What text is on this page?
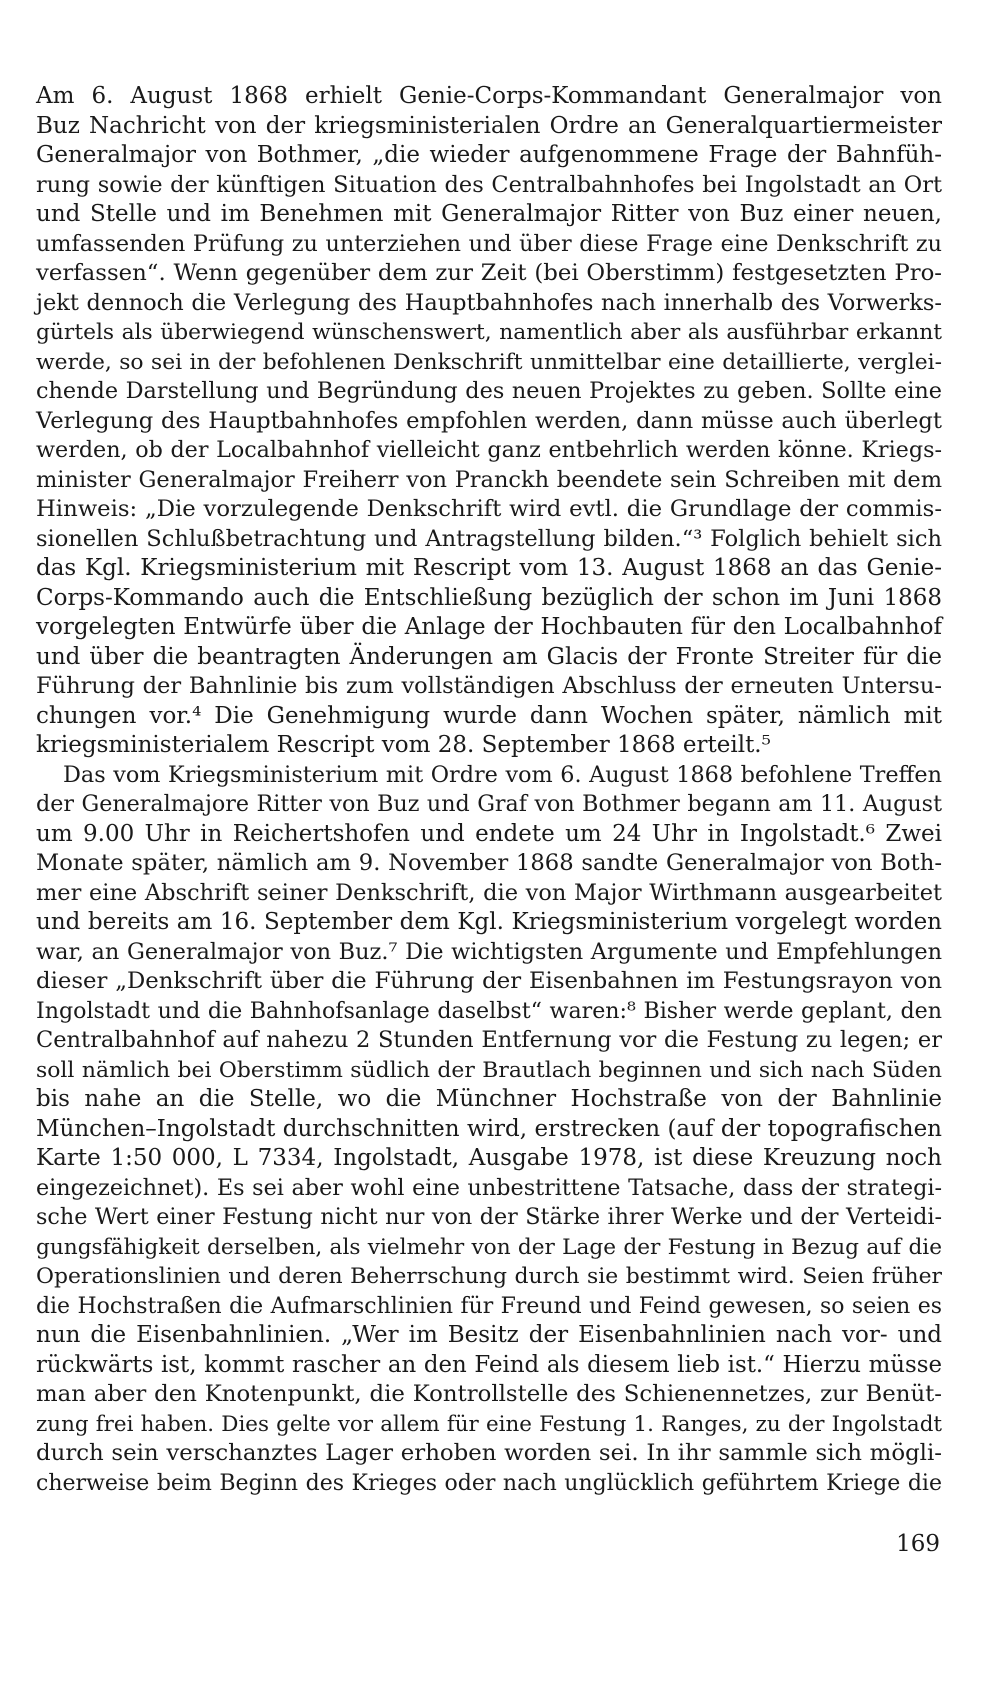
Am 6. August 1868 erhielt Genie-Corps-Kommandant Generalmajor von
Buz Nachricht von der kriegsministerialen Ordre an Generalquartiermeister
Generalmajor von Bothmer, „die wieder aufgenommene Frage der Bahnfüh-
rung sowie der künftigen Situation des Centralbahnhofes bei Ingolstadt an Ort
und Stelle und im Benehmen mit Generalmajor Ritter von Buz einer neuen,
umfassenden Prüfung zu unterziehen und über diese Frage eine Denkschrift zu
verfassen“. Wenn gegenüber dem zur Zeit (bei Oberstimm) festgesetzten Pro-
jekt dennoch die Verlegung des Hauptbahnhofes nach innerhalb des Vorwerks-
gürtels als überwiegend wünschenswert, namentlich aber als ausführbar erkannt
werde, so sei in der befohlenen Denkschrift unmittelbar eine detaillierte, verglei-
chende Darstellung und Begründung des neuen Projektes zu geben. Sollte eine
Verlegung des Hauptbahnhofes empfohlen werden, dann müsse auch überlegt
werden, ob der Localbahnhof vielleicht ganz entbehrlich werden könne. Kriegs-
minister Generalmajor Freiherr von Pranckh beendete sein Schreiben mit dem
Hinweis: „Die vorzulegende Denkschrift wird evtl. die Grundlage der commis-
sionellen Schlußbetrachtung und Antragstellung bilden.“³ Folglich behielt sich
das Kgl. Kriegsministerium mit Rescript vom 13. August 1868 an das Genie-
Corps-Kommando auch die Entschließung bezüglich der schon im Juni 1868
vorgelegten Entwürfe über die Anlage der Hochbauten für den Localbahnhof
und über die beantragten Änderungen am Glacis der Fronte Streiter für die
Führung der Bahnlinie bis zum vollständigen Abschluss der erneuten Untersu-
chungen vor.⁴ Die Genehmigung wurde dann Wochen später, nämlich mit
kriegsministerialem Rescript vom 28. September 1868 erteilt.⁵
Das vom Kriegsministerium mit Ordre vom 6. August 1868 befohlene Treffen
der Generalmajore Ritter von Buz und Graf von Bothmer begann am 11. August
um 9.00 Uhr in Reichertshofen und endete um 24 Uhr in Ingolstadt.⁶ Zwei
Monate später, nämlich am 9. November 1868 sandte Generalmajor von Both-
mer eine Abschrift seiner Denkschrift, die von Major Wirthmann ausgearbeitet
und bereits am 16. September dem Kgl. Kriegsministerium vorgelegt worden
war, an Generalmajor von Buz.⁷ Die wichtigsten Argumente und Empfehlungen
dieser „Denkschrift über die Führung der Eisenbahnen im Festungsrayon von
Ingolstadt und die Bahnhofsanlage daselbst“ waren:⁸ Bisher werde geplant, den
Centralbahnhof auf nahezu 2 Stunden Entfernung vor die Festung zu legen; er
soll nämlich bei Oberstimm südlich der Brautlach beginnen und sich nach Süden
bis nahe an die Stelle, wo die Münchner Hochstraße von der Bahnlinie
München–Ingolstadt durchschnitten wird, erstrecken (auf der topografischen
Karte 1:50 000, L 7334, Ingolstadt, Ausgabe 1978, ist diese Kreuzung noch
eingezeichnet). Es sei aber wohl eine unbestrittene Tatsache, dass der strategi-
sche Wert einer Festung nicht nur von der Stärke ihrer Werke und der Verteidi-
gungsfähigkeit derselben, als vielmehr von der Lage der Festung in Bezug auf die
Operationslinien und deren Beherrschung durch sie bestimmt wird. Seien früher
die Hochstraßen die Aufmarschlinien für Freund und Feind gewesen, so seien es
nun die Eisenbahnlinien. „Wer im Besitz der Eisenbahnlinien nach vor- und
rückwärts ist, kommt rascher an den Feind als diesem lieb ist.“ Hierzu müsse
man aber den Knotenpunkt, die Kontrollstelle des Schienennetzes, zur Benüt-
zung frei haben. Dies gelte vor allem für eine Festung 1. Ranges, zu der Ingolstadt
durch sein verschanztes Lager erhoben worden sei. In ihr sammle sich mögli-
cherweise beim Beginn des Krieges oder nach unglücklich geführtem Kriege die
169
